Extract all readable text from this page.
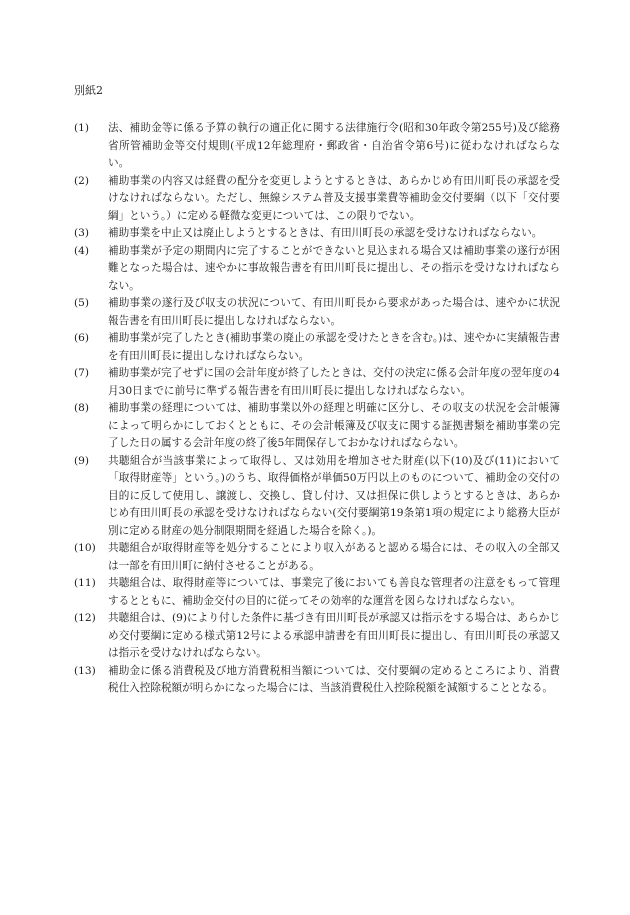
別紙2
(1)	法、補助金等に係る予算の執行の適正化に関する法律施行令(昭和30年政令第255号)及び総務省所管補助金等交付規則(平成12年総理府・郵政省・自治省令第6号)に従わなければならない。
(2)	補助事業の内容又は経費の配分を変更しようとするときは、あらかじめ有田川町長の承認を受けなければならない。ただし、無線システム普及支援事業費等補助金交付要綱（以下「交付要綱」という。）に定める軽微な変更については、この限りでない。
(3)	補助事業を中止又は廃止しようとするときは、有田川町長の承認を受けなければならない。
(4)	補助事業が予定の期間内に完了することができないと見込まれる場合又は補助事業の遂行が困難となった場合は、速やかに事故報告書を有田川町長に提出し、その指示を受けなければならない。
(5)	補助事業の遂行及び収支の状況について、有田川町長から要求があった場合は、速やかに状況報告書を有田川町長に提出しなければならない。
(6)	補助事業が完了したとき(補助事業の廃止の承認を受けたときを含む。)は、速やかに実績報告書を有田川町長に提出しなければならない。
(7)	補助事業が完了せずに国の会計年度が終了したときは、交付の決定に係る会計年度の翌年度の4月30日までに前号に準ずる報告書を有田川町長に提出しなければならない。
(8)	補助事業の経理については、補助事業以外の経理と明確に区分し、その収支の状況を会計帳簿によって明らかにしておくとともに、その会計帳簿及び収支に関する証拠書類を補助事業の完了した日の属する会計年度の終了後5年間保存しておかなければならない。
(9)	共聴組合が当該事業によって取得し、又は効用を増加させた財産(以下(10)及び(11)において「取得財産等」という。)のうち、取得価格が単価50万円以上のものについて、補助金の交付の目的に反して使用し、譲渡し、交換し、貸し付け、又は担保に供しようとするときは、あらかじめ有田川町長の承認を受けなければならない(交付要綱第19条第1項の規定により総務大臣が別に定める財産の処分制限期間を経過した場合を除く。)。
(10)	共聴組合が取得財産等を処分することにより収入があると認める場合には、その収入の全部又は一部を有田川町に納付させることがある。
(11)	共聴組合は、取得財産等については、事業完了後においても善良な管理者の注意をもって管理するとともに、補助金交付の目的に従ってその効率的な運営を図らなければならない。
(12)	共聴組合は、(9)により付した条件に基づき有田川町長が承認又は指示をする場合は、あらかじめ交付要綱に定める様式第12号による承認申請書を有田川町長に提出し、有田川町長の承認又は指示を受けなければならない。
(13)	補助金に係る消費税及び地方消費税相当額については、交付要綱の定めるところにより、消費税仕入控除税額が明らかになった場合には、当該消費税仕入控除税額を減額することとなる。
